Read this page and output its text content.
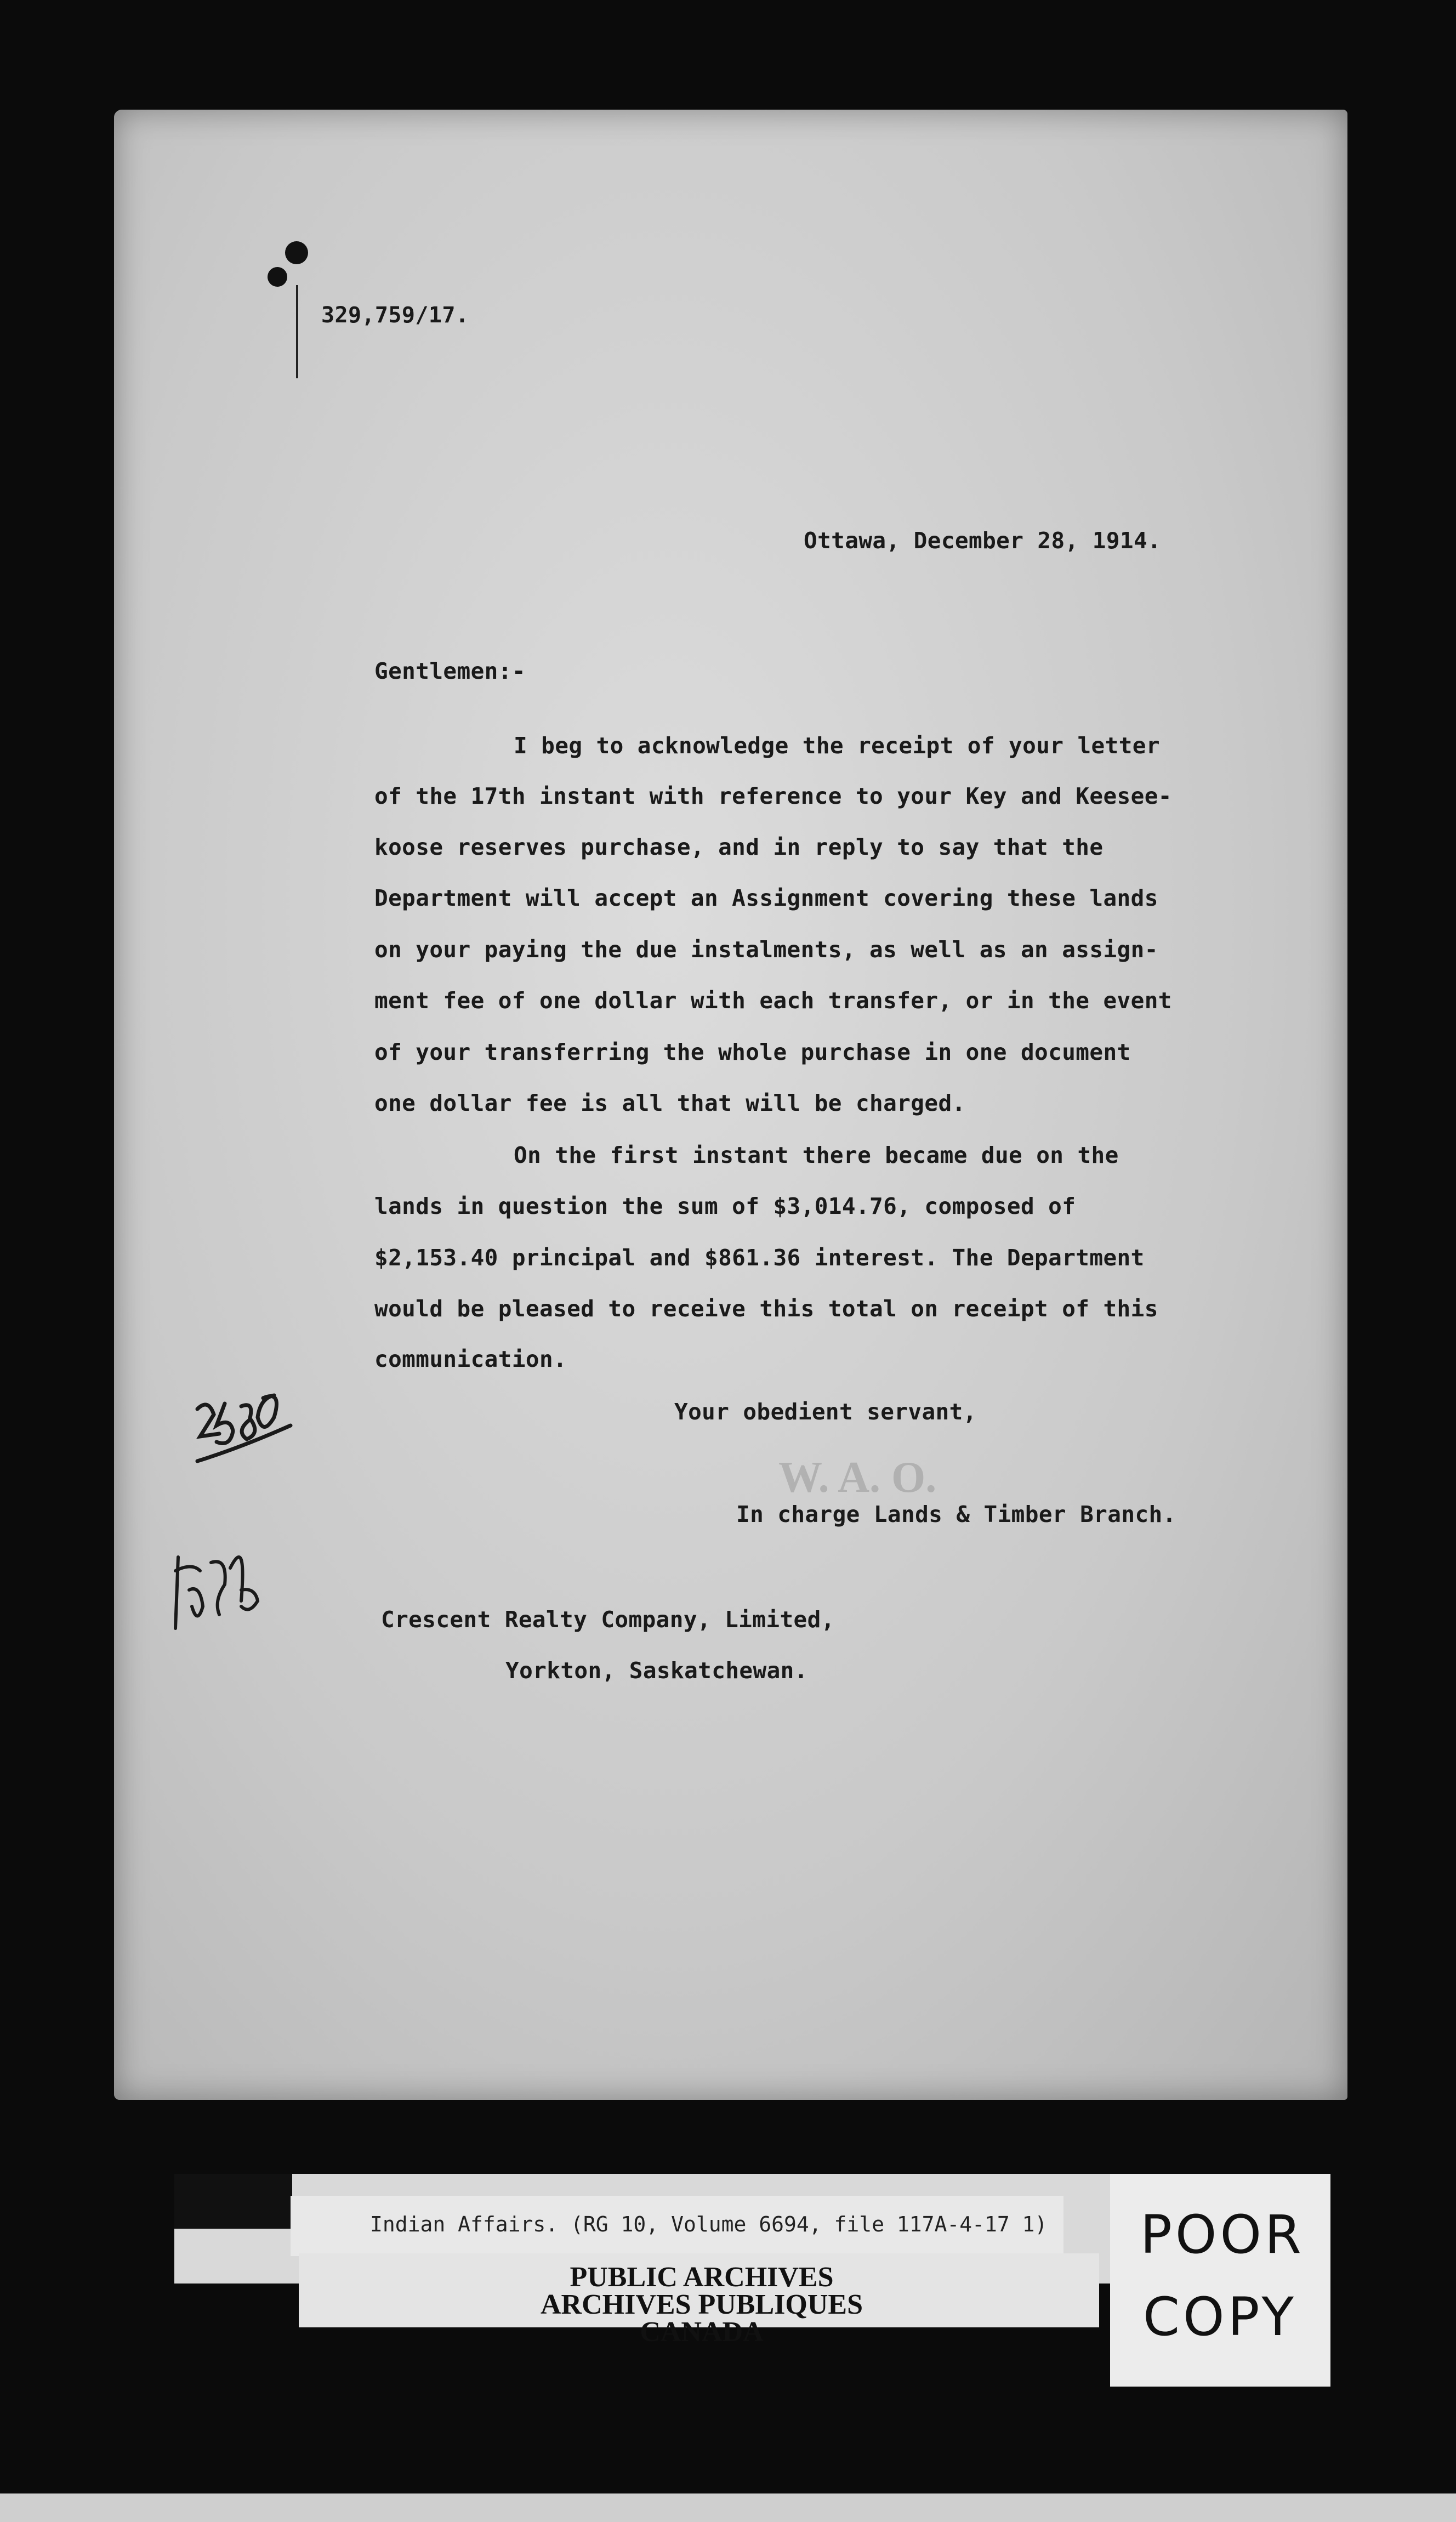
329,759/17.
Ottawa, December 28, 1914.
Gentlemen:-
I beg to acknowledge the receipt of your letter
of the 17th instant with reference to your Key and Keesee-
koose reserves purchase, and in reply to say that the
Department will accept an Assignment covering these lands
on your paying the due instalments, as well as an assign-
ment fee of one dollar with each transfer, or in the event
of your transferring the whole purchase in one document
one dollar fee is all that will be charged.
On the first instant there became due on the
lands in question the sum of $3,014.76, composed of
$2,153.40 principal and $861.36 interest. The Department
would be pleased to receive this total on receipt of this
communication.
Your obedient servant,
W. A. O.
In charge Lands & Timber Branch.
Crescent Realty Company, Limited,
Yorkton, Saskatchewan.
Indian Affairs. (RG 10, Volume 6694, file 117A-4-17 1)
PUBLIC ARCHIVES
ARCHIVES PUBLIQUES
CANADA
POOR
COPY
